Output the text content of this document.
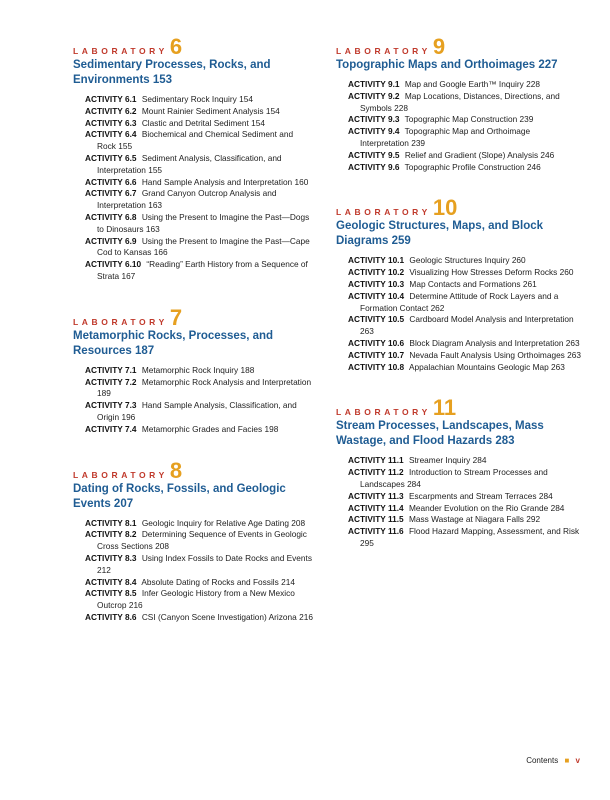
LABORATORY6
Sedimentary Processes, Rocks, and Environments 153
ACTIVITY 6.1 Sedimentary Rock Inquiry 154
ACTIVITY 6.2 Mount Rainier Sediment Analysis 154
ACTIVITY 6.3 Clastic and Detrital Sediment 154
ACTIVITY 6.4 Biochemical and Chemical Sediment and Rock 155
ACTIVITY 6.5 Sediment Analysis, Classification, and Interpretation 155
ACTIVITY 6.6 Hand Sample Analysis and Interpretation 160
ACTIVITY 6.7 Grand Canyon Outcrop Analysis and Interpretation 163
ACTIVITY 6.8 Using the Present to Imagine the Past—Dogs to Dinosaurs 163
ACTIVITY 6.9 Using the Present to Imagine the Past—Cape Cod to Kansas 166
ACTIVITY 6.10 “Reading” Earth History from a Sequence of Strata 167
LABORATORY7
Metamorphic Rocks, Processes, and Resources 187
ACTIVITY 7.1 Metamorphic Rock Inquiry 188
ACTIVITY 7.2 Metamorphic Rock Analysis and Interpretation 189
ACTIVITY 7.3 Hand Sample Analysis, Classification, and Origin 196
ACTIVITY 7.4 Metamorphic Grades and Facies 198
LABORATORY8
Dating of Rocks, Fossils, and Geologic Events 207
ACTIVITY 8.1 Geologic Inquiry for Relative Age Dating 208
ACTIVITY 8.2 Determining Sequence of Events in Geologic Cross Sections 208
ACTIVITY 8.3 Using Index Fossils to Date Rocks and Events 212
ACTIVITY 8.4 Absolute Dating of Rocks and Fossils 214
ACTIVITY 8.5 Infer Geologic History from a New Mexico Outcrop 216
ACTIVITY 8.6 CSI (Canyon Scene Investigation) Arizona 216
LABORATORY9
Topographic Maps and Orthoimages 227
ACTIVITY 9.1 Map and Google Earth™ Inquiry 228
ACTIVITY 9.2 Map Locations, Distances, Directions, and Symbols 228
ACTIVITY 9.3 Topographic Map Construction 239
ACTIVITY 9.4 Topographic Map and Orthoimage Interpretation 239
ACTIVITY 9.5 Relief and Gradient (Slope) Analysis 246
ACTIVITY 9.6 Topographic Profile Construction 246
LABORATORY10
Geologic Structures, Maps, and Block Diagrams 259
ACTIVITY 10.1 Geologic Structures Inquiry 260
ACTIVITY 10.2 Visualizing How Stresses Deform Rocks 260
ACTIVITY 10.3 Map Contacts and Formations 261
ACTIVITY 10.4 Determine Attitude of Rock Layers and a Formation Contact 262
ACTIVITY 10.5 Cardboard Model Analysis and Interpretation 263
ACTIVITY 10.6 Block Diagram Analysis and Interpretation 263
ACTIVITY 10.7 Nevada Fault Analysis Using Orthoimages 263
ACTIVITY 10.8 Appalachian Mountains Geologic Map 263
LABORATORY11
Stream Processes, Landscapes, Mass Wastage, and Flood Hazards 283
ACTIVITY 11.1 Streamer Inquiry 284
ACTIVITY 11.2 Introduction to Stream Processes and Landscapes 284
ACTIVITY 11.3 Escarpments and Stream Terraces 284
ACTIVITY 11.4 Meander Evolution on the Rio Grande 284
ACTIVITY 11.5 Mass Wastage at Niagara Falls 292
ACTIVITY 11.6 Flood Hazard Mapping, Assessment, and Risk 295
Contents ■ v
